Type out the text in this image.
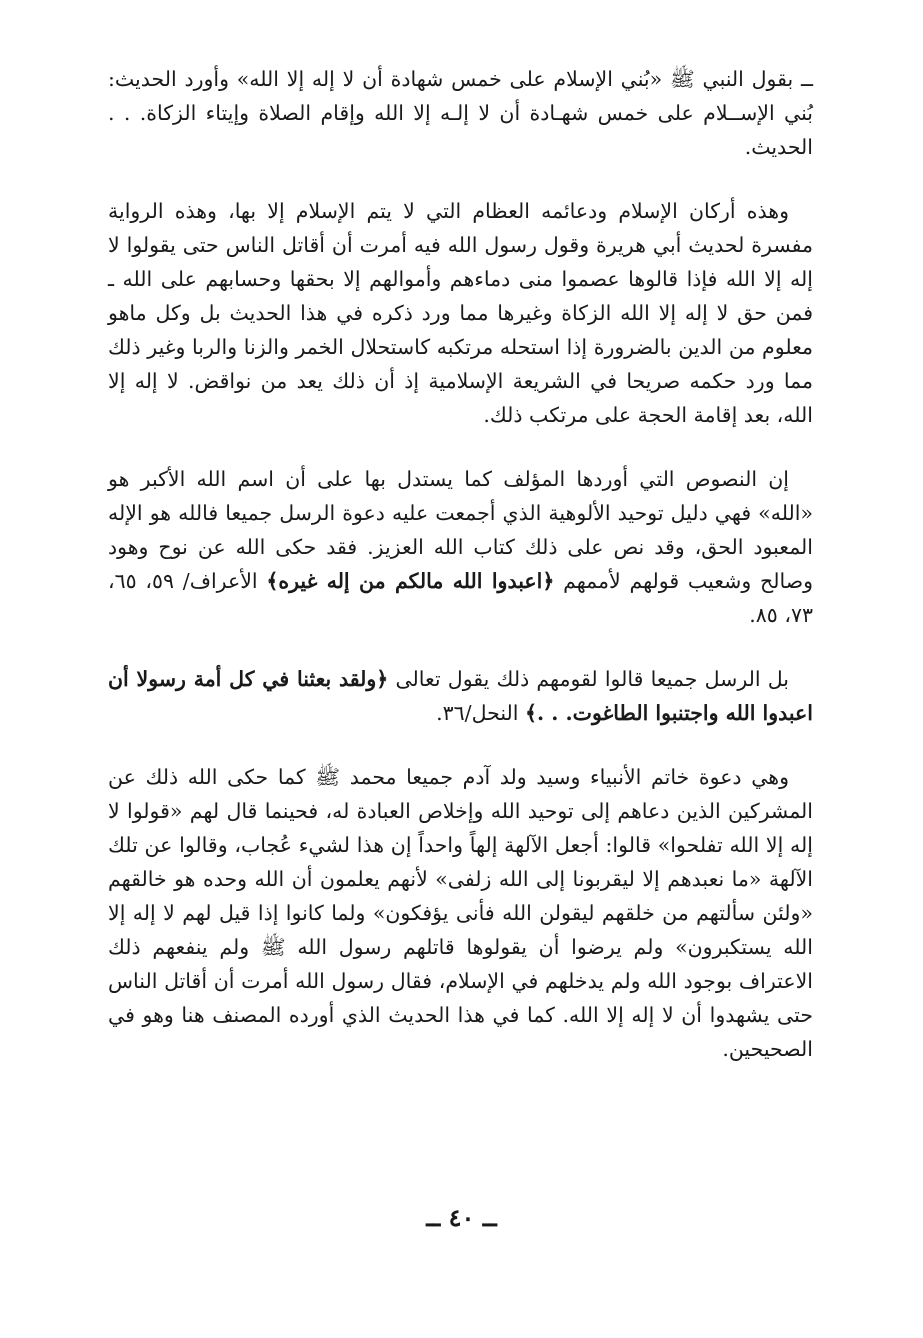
ــ بقول النبي ﷺ «بُني الإسلام على خمس شهادة أن لا إله إلا الله» وأورد الحديث: بُني الإســلام على خمس شهـادة أن لا إلـه إلا الله وإقام الصلاة وإيتاء الزكاة. . . الحديث.

وهذه أركان الإسلام ودعائمه العظام التي لا يتم الإسلام إلا بها، وهذه الرواية مفسرة لحديث أبي هريرة وقول رسول الله فيه أمرت أن أقاتل الناس حتى يقولوا لا إله إلا الله فإذا قالوها عصموا منى دماءهم وأموالهم إلا بحقها وحسابهم على الله ـ فمن حق لا إله إلا الله الزكاة وغيرها مما ورد ذكره في هذا الحديث بل وكل ماهو معلوم من الدين بالضرورة إذا استحله مرتكبه كاستحلال الخمر والزنا والربا وغير ذلك مما ورد حكمه صريحا في الشريعة الإسلامية إذ أن ذلك يعد من نواقض. لا إله إلا الله، بعد إقامة الحجة على مرتكب ذلك.

إن النصوص التي أوردها المؤلف كما يستدل بها على أن اسم الله الأكبر هو «الله» فهي دليل توحيد الألوهية الذي أجمعت عليه دعوة الرسل جميعا فالله هو الإله المعبود الحق، وقد نص على ذلك كتاب الله العزيز. فقد حكى الله عن نوح وهود وصالح وشعيب قولهم لأممهم ﴿اعبدوا الله مالكم من إله غيره﴾ الأعراف/ ٥٩، ٦٥، ٧٣، ٨٥.

بل الرسل جميعا قالوا لقومهم ذلك يقول تعالى ﴿ولقد بعثنا في كل أمة رسولا أن اعبدوا الله واجتنبوا الطاغوت. . .﴾ النحل/٣٦.

وهي دعوة خاتم الأنبياء وسيد ولد آدم جميعا محمد ﷺ كما حكى الله ذلك عن المشركين الذين دعاهم إلى توحيد الله وإخلاص العبادة له، فحينما قال لهم «قولوا لا إله إلا الله تفلحوا» قالوا: أجعل الآلهة إلهاً واحداً إن هذا لشيء عُجاب، وقالوا عن تلك الآلهة «ما نعبدهم إلا ليقربونا إلى الله زلفى» لأنهم يعلمون أن الله وحده هو خالقهم «ولئن سألتهم من خلقهم ليقولن الله فأنى يؤفكون» ولما كانوا إذا قيل لهم لا إله إلا الله يستكبرون» ولم يرضوا أن يقولوها قاتلهم رسول الله ﷺ ولم ينفعهم ذلك الاعتراف بوجود الله ولم يدخلهم في الإسلام، فقال رسول الله أمرت أن أقاتل الناس حتى يشهدوا أن لا إله إلا الله. كما في هذا الحديث الذي أورده المصنف هنا وهو في الصحيحين.

ــ ٤٠ ــ
